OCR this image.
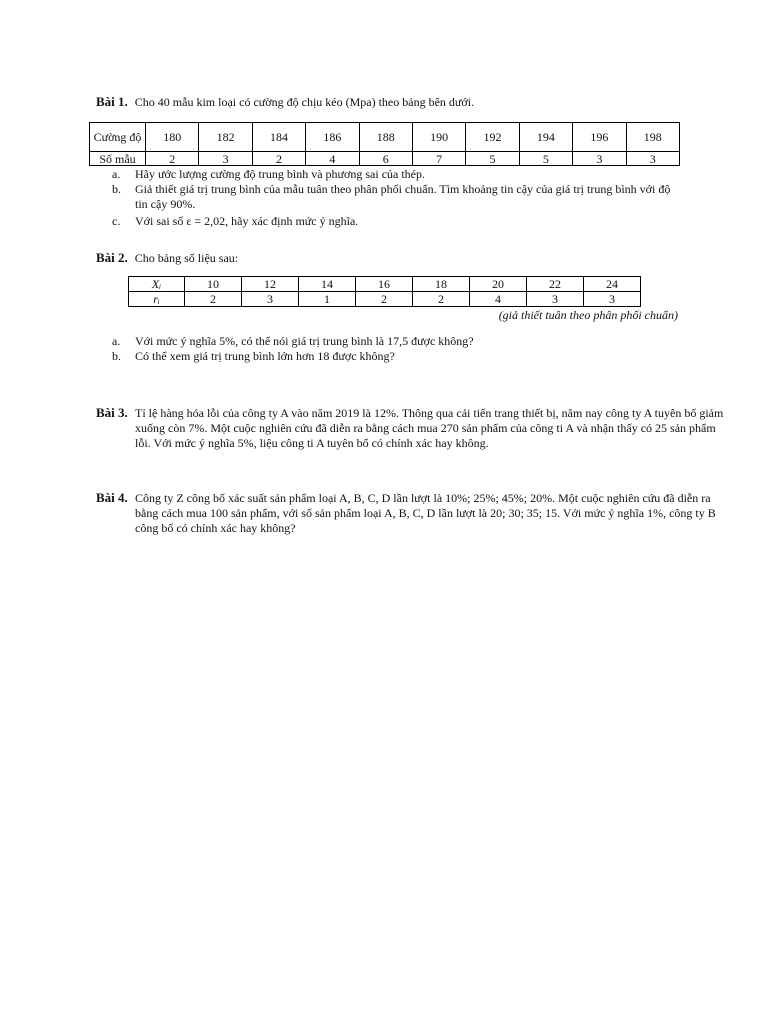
Bài 1. Cho 40 mẫu kim loại có cường độ chịu kéo (Mpa) theo bảng bên dưới.
Cường độ	180	182	184	186	188	190	192	194	196	198
Số mẫu	2	3	2	4	6	7	5	5	3	3
a.	Hãy ước lượng cường độ trung bình và phương sai của thép.
b.	Giả thiết giá trị trung bình của mẫu tuân theo phân phối chuẩn. Tìm khoảng tin cậy của giá trị trung bình với độ tin cậy 90%.
c.	Với sai số ε = 2,02, hãy xác định mức ý nghĩa.
Bài 2. Cho bảng số liệu sau:
Xᵢ	10	12	14	16	18	20	22	24
rᵢ	2	3	1	2	2	4	3	3
(giả thiết tuân theo phân phối chuẩn)
a.	Với mức ý nghĩa 5%, có thể nói giá trị trung bình là 17,5 được không?
b.	Có thể xem giá trị trung bình lớn hơn 18 được không?
Bài 3. Tỉ lệ hàng hóa lỗi của công ty A vào năm 2019 là 12%. Thông qua cải tiến trang thiết bị, năm nay công ty A tuyên bố giảm xuống còn 7%. Một cuộc nghiên cứu đã diễn ra bằng cách mua 270 sản phẩm của công ti A và nhận thấy có 25 sản phẩm lỗi. Với mức ý nghĩa 5%, liệu công ti A tuyên bố có chính xác hay không.
Bài 4. Công ty Z công bố xác suất sản phẩm loại A, B, C, D lần lượt là 10%; 25%; 45%; 20%. Một cuộc nghiên cứu đã diễn ra bằng cách mua 100 sản phẩm, với số sản phẩm loại A, B, C, D lần lượt là 20; 30; 35; 15. Với mức ý nghĩa 1%, công ty B công bố có chính xác hay không?
